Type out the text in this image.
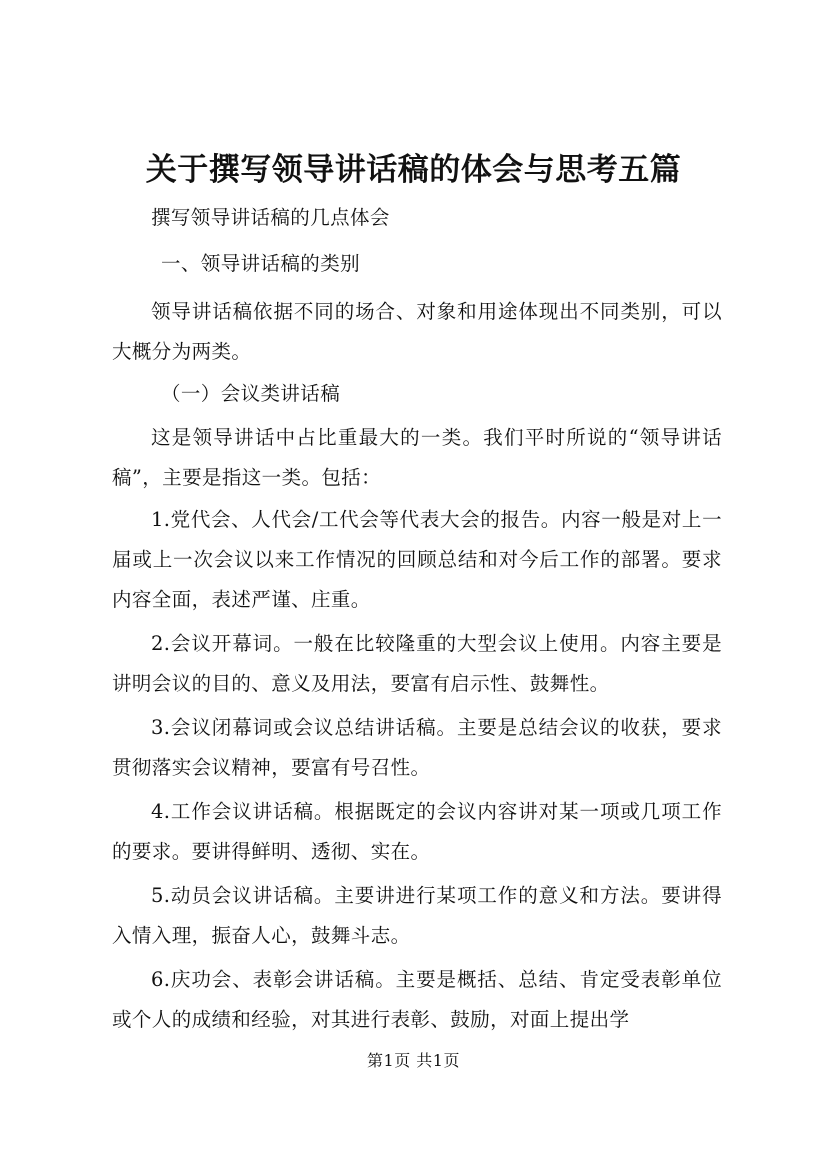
关于撰写领导讲话稿的体会与思考五篇

撰写领导讲话稿的几点体会

一、领导讲话稿的类别

领导讲话稿依据不同的场合、对象和用途体现出不同类别，可以大概分为两类。

（一）会议类讲话稿

这是领导讲话中占比重最大的一类。我们平时所说的“领导讲话稿”，主要是指这一类。包括：

1.党代会、人代会/工代会等代表大会的报告。内容一般是对上一届或上一次会议以来工作情况的回顾总结和对今后工作的部署。要求内容全面，表述严谨、庄重。

2.会议开幕词。一般在比较隆重的大型会议上使用。内容主要是讲明会议的目的、意义及用法，要富有启示性、鼓舞性。

3.会议闭幕词或会议总结讲话稿。主要是总结会议的收获，要求贯彻落实会议精神，要富有号召性。

4.工作会议讲话稿。根据既定的会议内容讲对某一项或几项工作的要求。要讲得鲜明、透彻、实在。

5.动员会议讲话稿。主要讲进行某项工作的意义和方法。要讲得入情入理，振奋人心，鼓舞斗志。

6.庆功会、表彰会讲话稿。主要是概括、总结、肯定受表彰单位或个人的成绩和经验，对其进行表彰、鼓励，对面上提出学

第1页 共1页
